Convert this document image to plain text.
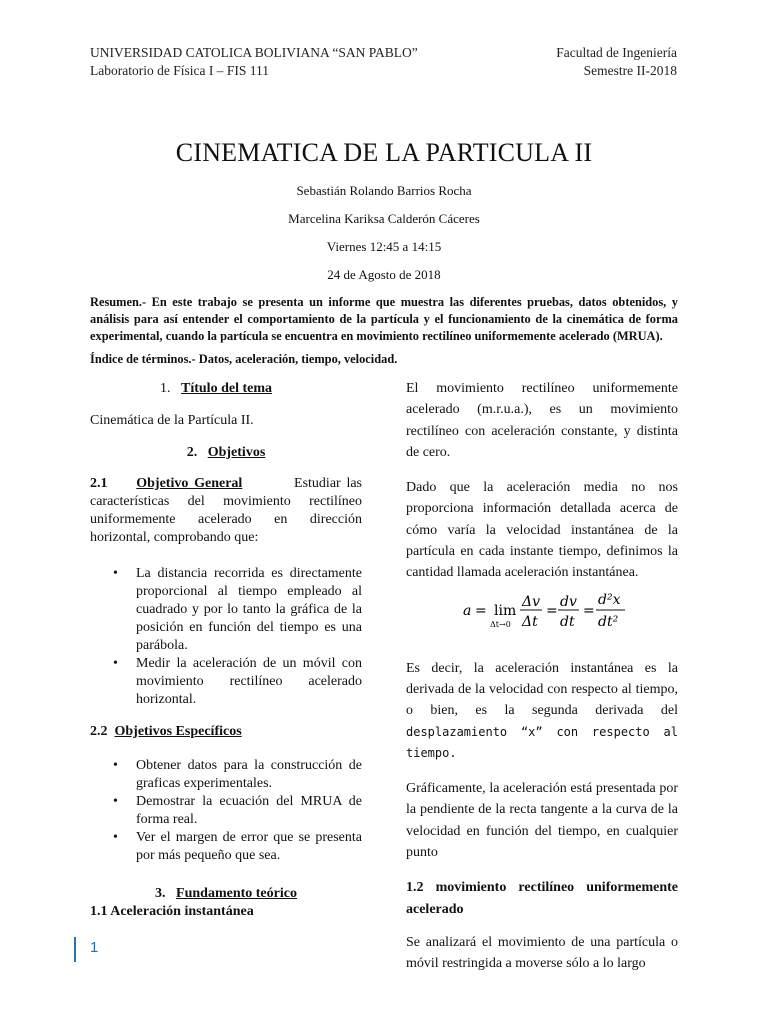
UNIVERSIDAD CATOLICA BOLIVIANA “SAN PABLO”
Laboratorio de Física I – FIS 111
Facultad de Ingeniería
Semestre II-2018
CINEMATICA DE LA PARTICULA II
Sebastián Rolando Barrios Rocha
Marcelina Kariksa Calderón Cáceres
Viernes 12:45 a 14:15
24 de Agosto de 2018
Resumen.- En este trabajo se presenta un informe que muestra las diferentes pruebas, datos obtenidos, y análisis para así entender el comportamiento de la partícula y el funcionamiento de la cinemática de forma experimental, cuando la partícula se encuentra en movimiento rectilíneo uniformemente acelerado (MRUA).
Índice de términos.- Datos, aceleración, tiempo, velocidad.
1. Título del tema

Cinemática de la Partícula II.

2. Objetivos

2.1 Objetivo General	Estudiar las características del movimiento rectilíneo uniformemente acelerado en dirección horizontal, comprobando que:

• La distancia recorrida es directamente proporcional al tiempo empleado al cuadrado y por lo tanto la gráfica de la posición en función del tiempo es una parábola.
• Medir la aceleración de un móvil con movimiento rectilíneo acelerado horizontal.

2.2 Objetivos Específicos

• Obtener datos para la construcción de graficas experimentales.
• Demostrar la ecuación del MRUA de forma real.
• Ver el margen de error que se presenta por más pequeño que sea.
3. Fundamento teórico

1.1 Aceleración instantánea

El movimiento rectilíneo uniformemente acelerado (m.r.u.a.), es un movimiento rectilíneo con aceleración constante, y distinta de cero.

Dado que la aceleración media no nos proporciona información detallada acerca de cómo varía la velocidad instantánea de la partícula en cada instante tiempo, definimos la cantidad llamada aceleración instantánea.

Es decir, la aceleración instantánea es la derivada de la velocidad con respecto al tiempo, o bien, es la segunda derivada del desplazamiento “x” con respecto al tiempo.

Gráficamente, la aceleración está presentada por la pendiente de la recta tangente a la curva de la velocidad en función del tiempo, en cualquier punto

1.2 movimiento rectilíneo uniformemente acelerado

Se analizará el movimiento de una partícula o móvil restringida a moverse sólo a lo largo

a = lim
Δt→0
Δv
Δt
=
dv
dt
=
d²x
dt²
1
